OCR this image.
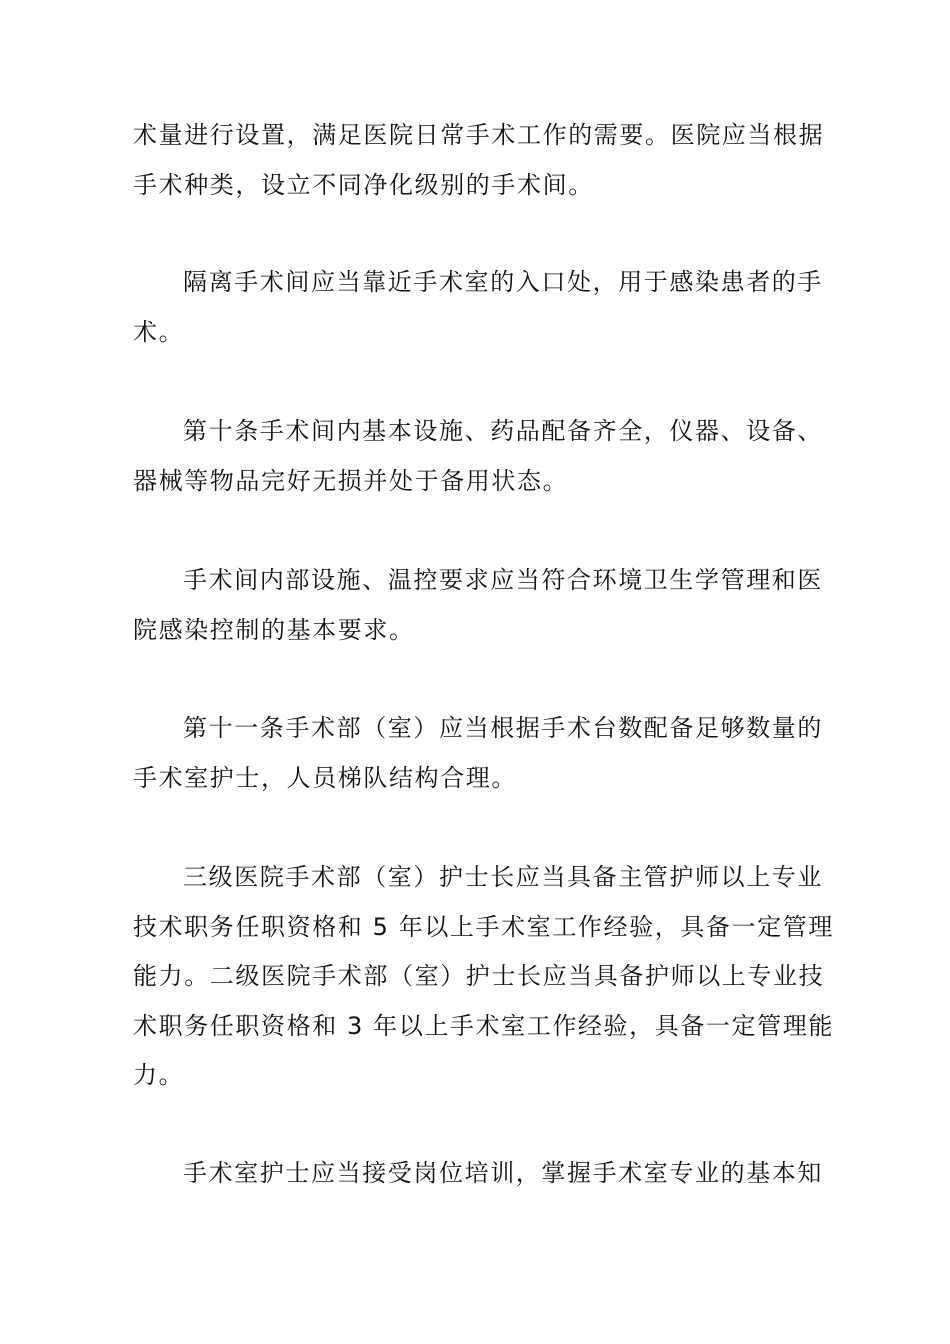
术量进行设置，满足医院日常手术工作的需要。医院应当根据
手术种类，设立不同净化级别的手术间。
隔离手术间应当靠近手术室的入口处，用于感染患者的手
术。
第十条手术间内基本设施、药品配备齐全，仪器、设备、
器械等物品完好无损并处于备用状态。
手术间内部设施、温控要求应当符合环境卫生学管理和医
院感染控制的基本要求。
第十一条手术部（室）应当根据手术台数配备足够数量的
手术室护士，人员梯队结构合理。
三级医院手术部（室）护士长应当具备主管护师以上专业
技术职务任职资格和 5 年以上手术室工作经验，具备一定管理
能力。二级医院手术部（室）护士长应当具备护师以上专业技
术职务任职资格和 3 年以上手术室工作经验，具备一定管理能
力。
手术室护士应当接受岗位培训，掌握手术室专业的基本知
